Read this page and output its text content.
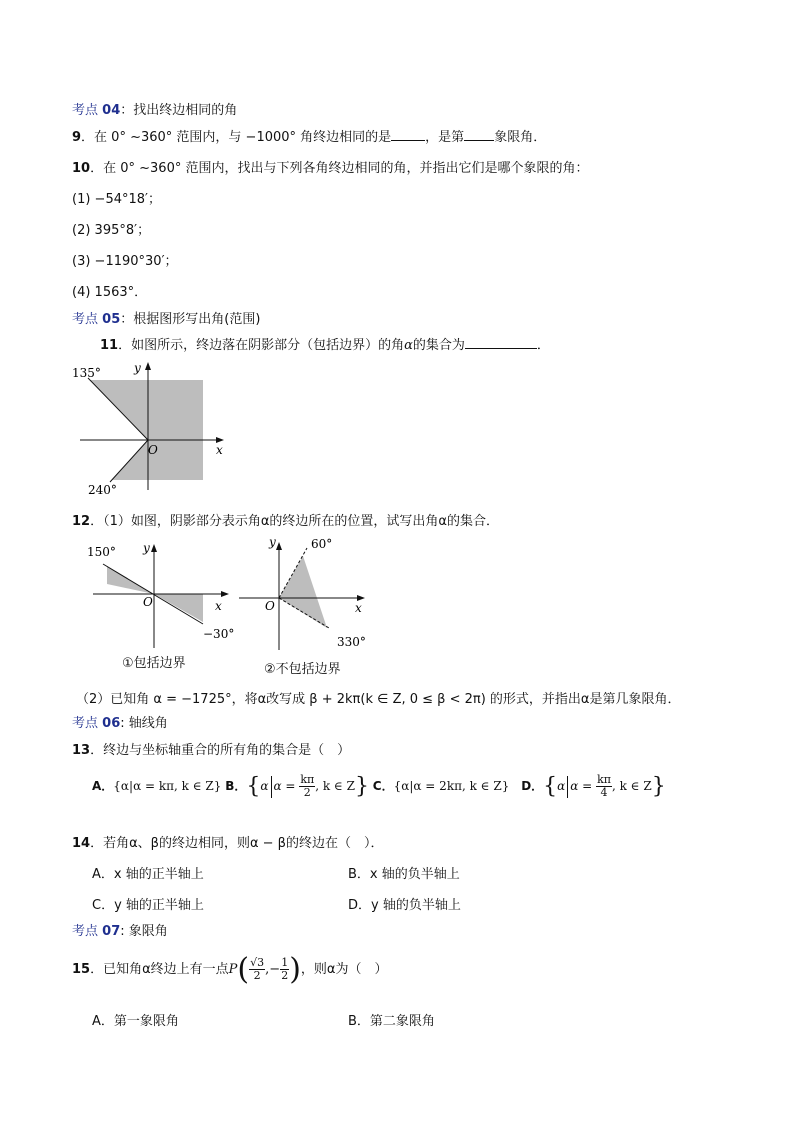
考点 04：找出终边相同的角
9．在 0° ~360° 范围内，与 −1000° 角终边相同的是	，是第 象限角．
10．在 0° ~360° 范围内，找出与下列各角终边相同的角，并指出它们是哪个象限的角：
(1) −54°18′；
(2) 395°8′；
(3) −1190°30′；
(4) 1563°．
考点 05：根据图形写出角(范围)
11．如图所示，终边落在阴影部分（包括边界）的角α的集合为	．
135°
240°
x
y
O
12．（1）如图，阴影部分表示角α的终边所在的位置，试写出角α的集合．
150°
−30°
x
y
O
①包括边界
60°
330°
x
y
O
②不包括边界
（2）已知角 α = −1725°，将α改写成 β + 2kπ(k ∈ Z, 0 ≤ β < 2π) 的形式，并指出α是第几象限角．
考点 06: 轴线角
13．终边与坐标轴重合的所有角的集合是（　）
A．{α|α = kπ, k ∈ Z} B．{α $\alpha = \frac{k\pi}{2}$ , k ∈ Z} C．{α|α = 2kπ, k ∈ Z} D．{α $\alpha = \frac{k\pi}{4}$ , k ∈ Z}
14．若角α、β的终边相同，则α − β的终边在（　）．
A．x 轴的正半轴上	B．x 轴的负半轴上
C．y 轴的正半轴上	D．y 轴的负半轴上
考点 07: 象限角
15．已知角α终边上有一点$P( \frac{√3}{2}$ ,− $\frac{1}{2}$ )，则α为（　）
A．第一象限角	B．第二象限角
